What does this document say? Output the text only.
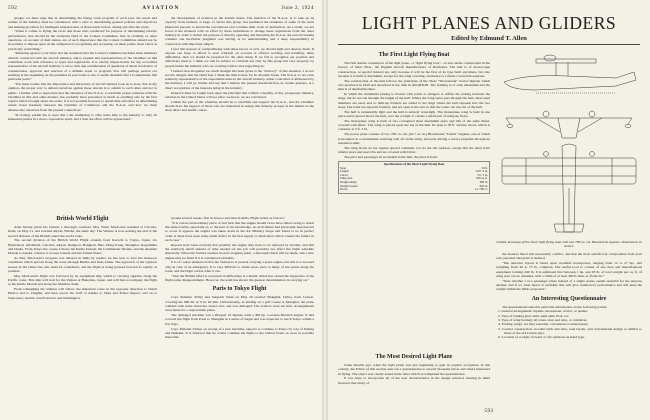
592	AVIATION	June 2, 1924

groups, we must urge that in determining the flying work program of each year, the needs and wishes of the industry must be considered, with a view to determining general policies and objectives and making provision for intelligent interpretation of those needs before, during and after the event.

"When it comes to flying the races and those tests conducted for purpose of determining relative performance, that should be the exclusive field of the Contest Committee. Just as certainly as other questions, on account of their nature, are of such importance that the Contest Committee should not be in position to impose upon us the obligation of recognizing and accepting, on these points, their views as practically controlling."

"Referring again to your letter and the statement that the Contest Committee includes three members directly connected with the aircraft industry, and to request that representatives of the Chamber on this committee work with reference to types and regulations. It is wholly impracticable for any accredited representative of the aircraft industry to serve with due consideration of questions of detail in advance of consideration, approval and sanction of a definite event or program. You will perhaps pardon our seeming at the beginning on the premises in your letter to me, it seems desirable that I re-emphasize this particular point."

"You must realize that the importance and intricacies of aircraft matters took us to state, that in my opinion, the proper way to defend ourselves against these attacks is to submit to each other and not in public. I further wish to appreciate that the existence of the N.A.A. to establish proper relations with the Chamber in this and other matters, has probably been prevented as much as anything else by the first reports which brought about the event. It is not possible however to spend time and effort in determining actual closer harmony between the Chamber of Commerce and the N.A.A. and how we must disassociate ourselves from the present connection."

"In closing, permit me to state that I am attempting to offer some help to the industry to rally all interested parties in a more cooperative spirit, and I trust the effort will be appreciated."

the development of aviation in the United States. The function of the N.A.A. is to take up its capacity from industry at large, to derive this group, has permitted the residence of some of the most important persons to attend the conventions and continue their work of destruction. As a result, we are faced at the moment with an effort by these individuals to change these regulations from the other industry in order to defeat the purpose of directly opposing and thwarting the N.A.A. An ever-increasing consider one inevitable judgment was having as its understanding and a deep responsibility in connection with important subject.

I feel that instead of compromising with these forces of evil, we should fight and destroy them. If anyone can hope to afford to start criticism on account of official wording and handling, these difficulties, then we should be prepared for the other thing. If we fail to recognize our position and effectively meet it, I think we will be subject to criticism not only by this group but very properly, by people inside the industry who are working with us and supporting us.

I believe that altogether too much thought has been given to the "delicacy" of this situation. I do not see the dangers that the timid fear. I think the time is here for an absolute break. The N.A.A. is not even remotely representative of the responsible units in the aircraft industry, either controlled or influenced by the industry. I will go further and say that I believe the present dissatisfaction, in certain quarters, is a direct recognition of the interests being in the industry.

Indeed it must be fought back upon the principle that without a healthy, active, prosperous industry, aviation in the United States will not exist, we know, we are convinced.

I think the part of the Chamber should be to establish and support the N.A.A., and the Chamber should draw the support of those who are interested in seeing this industry prosper in the market as the most direct and useful course.

British World Flight

After having given his Vulture a thorough overhaul, Maj. Stuart MacLaren resumed at Calcutta, India, on May 21, and reached Akyab, Burma, the same day. The Vulture is now nearing the end of the second division of the British round-the-world route.

The second division of the British World Flight extends from Karachi to Tokyo, Japan, via Hyderabad, Allahabad, Calcutta, Akyab, Rangoon, Bangkok, Hue, Hong Kong, Shanghai, Kagoshima and Osaka. From Tokyo the course follows the Kurile Islands, the Commander Islands, and the Aleutian Islands to Alaska, whence it crosses Canada and the United States.

As Maj. MacLaren's progress was delayed in India by repairs, he has now to face the monsoon conditions which prevail along the route through Burma and Indo-China. The approach of the typhoon season in the China Sea also must be considered, and the flight is being pressed forward as rapidly as possible.

Maj. MacLaren's flight was followed by an equipment ship which is carrying supplies along the Pacific route. This ship will wait for the Vulture at Hakodate, Japan, and will then accompany the flight to the Kurile Islands and along the Aleutian chain.

From Chungking the Vulture will follow the American route in the opposite direction to Dutch Harbor and to Chignik, and then across the Gulf of Alaska to Sitka and Prince Rupert, and on to Vancouver, Seattle, San Francisco and Washington.

ground several weeks, first in Greece and then in India. Flight writes as follows:

"It is a most extraordinary piece of bad luck that the engine should twice have failed owing to much the same trouble, especially as, to the best of our knowledge, no such failure had previously been known to occur. It appears the engine was taken down in the Air Ministry shops and found to be in perfect order. It must have been some small defect in the fuel supply or lubrication which caused the failure in each case."

Reports have been received that possibly the engine may have to be replaced by another, and that the relatively small amount of time needed for the job will probably not affect the flight schedule materially. When the Vulture reaches its next stopping point, a thorough check will be made, and a new engine may be fitted if it is considered advisable.

It is of course understood that the Vulture is at present carrying a spare engine, but this is to be used only in case of an emergency. It is very difficult to obtain spare parts at many of the points along the route, and the flight carries what it can.

"That the British effort is at present in difficulties is a matter which has caused the supporters of the flight some disappointment. However, the team has shown the greatest determination in carrying on."

Paris to Tokyo Flight

Capt. Pelletier d'Oisy and Sergeant Vesin on May 20 reached Shanghai, China, from Canton, covering the 900 mi. in 9 hr. 20 min. Unfortunately, in landing on a golf course at Shanghai, the plane collided with some obstacles, nosed over, and was damaged. The aviators were not hurt. Arrangements were made for a replacement plane.

The damaged machine was a Breguet 19 biplane with a 400 hp. Lorraine-Dietrich engine. It had covered the flight from Paris to Shanghai in a series of stages and was expected to reach Tokyo within a few days.

Capt. Pelletier d'Oisy, on receipt of a new machine, expects to continue to Tokyo by way of Peking and Mukden. It is believed that he would continue his flight to the United States as soon as possible thereafter.

LIGHT PLANES AND GLIDERS
Edited by Edmund T. Allen
The First Light Flying Boat

The first marine counterpart of the light plane—a "light flying boat"—is now under construction in the factory of Short Bros., the English aircraft manufacturers of Rochester. The hull is of monocoque construction, of special interest not only because it will be the first of its type built anywhere, but also because it is built of duralumin, except for the wing covering, and hence is a metal-covered monoplane.

The construction of the hull follows the principles of the Short "Silverstreak" tractor biplane which was produced in 1920 and described at the time in AVIATION. The framing is of strip duralumin and the skin is of duralumin sheet.

In which the duralumin plating is riveted with joints at stringers to stiffen the plating between the rings, but do not run through the length of the hull. Where the wing spars pass through the hull, sheet steel members are used, and so built-up formers are added to the rings where the hull expands into the two steps. The latter are separate formers, and are open at the rear so that the water can run out of the hull.

The hull is remarkably light and the hull is entirely watertight. The monoplane wing is built in one piece and is placed above the hull, over the cockpit. It carries a small pair of wing-tip floats.

The monoplane wing is built of two corrugated sheet duralumin spars and ribs of the same metal, covered with fabric. The wing is placed upon the top of the hull. Its span is 36 ft. and the chord, which is constant, is 5 ft. 3 in.

The power plant consists of two 700 cu. cm. (42.7 cu. in.) Blackburne "Tomtit" engines, one of which is mounted on a streamlined overhang well aft on the wing, and each driving a tractor propeller through an extension shaft.

The wing floats do not require special comment, nor do the tail surfaces, except that the latter have tubular spars and steel ribs and are covered with fabric.

The pilot and passenger sit in tandem in the hull, the pilot in front.

Specifications of the Short Light Flying Boat
Span	36 ft.
Length	24 ft. 6 in.
Chord	5 ft. 3 in.
Wing area	180 sq. ft.
Weight empty	380 lb.
Weight loaded	600 lb.
Power	2 x 700 cc.
The Most Desired Light Plane

Some months ago, when the light plane was just beginning to gain in popular acceptance in this country, the Editor of this section sent out a questionnaire to several thousand pilots and others interested in flying. The object was clearly stated in the letter which accompanied the questionnaire.

It was hope to incorporate all of the best characteristics in the design selected, bearing in mind however that many of

Outline drawings of the Short light flying boat with two 700 cu. cm. Blackburne engines. Dimensions in meters.

the features listed will necessarily conflict, and that the most satisfactory compromise from your own personal viewpoint is desired.

"The tentative layout is based upon available horsepower, ranging from 12 to 27 hp., and weighing from 40 to 75 lb. complete. The useful load to consist of one man and miscellaneous equipment totaling 240 lb. It is estimated that between 1 hp. and 18 lb. of total weight per sq. ft. of wing area can be obtained, with a climb of at least 400 ft./min. at 45 mi./hr."

"State whether a two passenger plane instead of a single seater, seems essential for the purpose desired, and if so, what motor is available that will give satisfactory performance and still keep the weight within the limits proposed."

An Interesting Questionnaire

The questionnaire asked in particular information on the following points:

1. General arrangement: biplane, monoplane, tractor, or pusher.
2. Type of landing gear: skid, semi-skid, float, etc.
3. Type of wing bracing: all wires, strut and wire, or cantilever.
4. Folding wings: are they essential, convenient or unnecessary.
5. Control construction: wooden stick and wire, reed layout, and conventional design or similar to those of the old Curtiss type.
6. Location of cockpit, forward or aft; opinions on hand type.
593
